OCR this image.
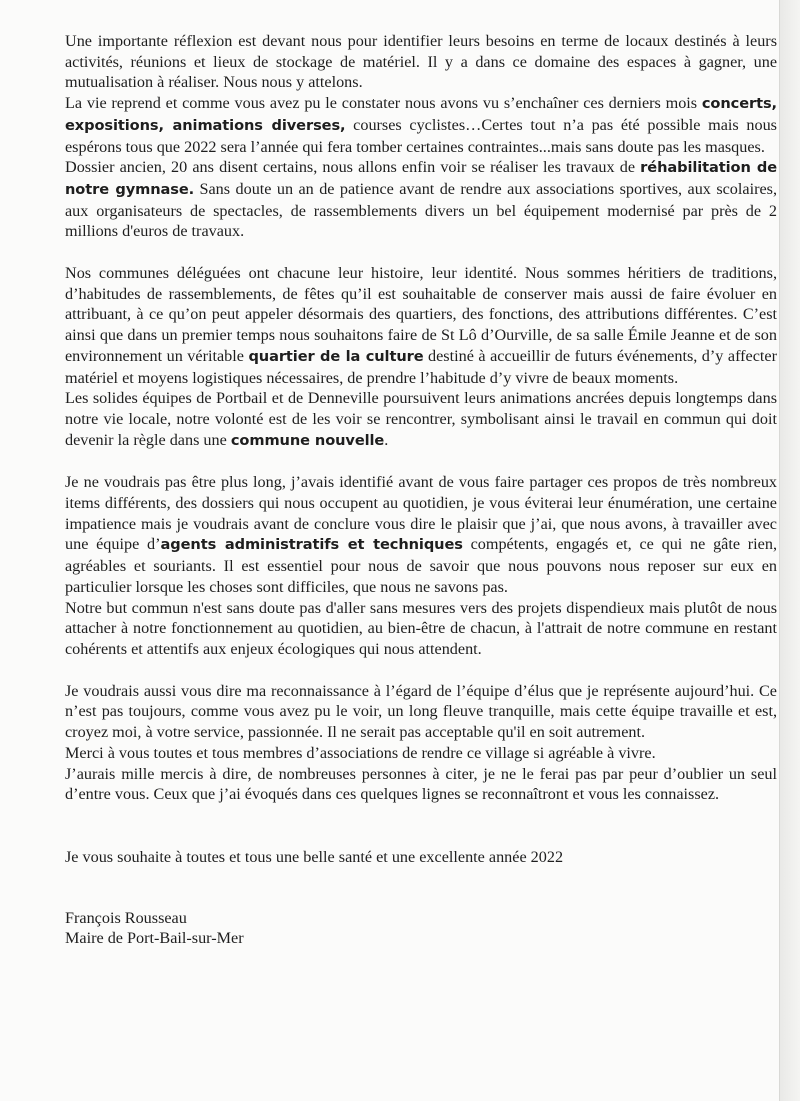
Une importante réflexion est devant nous pour identifier leurs besoins en terme de locaux destinés à leurs activités, réunions et lieux de stockage de matériel. Il y a dans ce domaine des espaces à gagner, une mutualisation à réaliser. Nous nous y attelons.

La vie reprend et comme vous avez pu le constater nous avons vu s’enchaîner ces derniers mois concerts, expositions, animations diverses, courses cyclistes…Certes tout n’a pas été possible mais nous espérons tous que 2022 sera l’année qui fera tomber certaines contraintes...mais sans doute pas les masques.

Dossier ancien, 20 ans disent certains, nous allons enfin voir se réaliser les travaux de réhabilitation de notre gymnase. Sans doute un an de patience avant de rendre aux associations sportives, aux scolaires, aux organisateurs de spectacles, de rassemblements divers un bel équipement modernisé par près de 2 millions d'euros de travaux.

Nos communes déléguées ont chacune leur histoire, leur identité. Nous sommes héritiers de traditions, d’habitudes de rassemblements, de fêtes qu’il est souhaitable de conserver mais aussi de faire évoluer en attribuant, à ce qu’on peut appeler désormais des quartiers, des fonctions, des attributions différentes. C’est ainsi que dans un premier temps nous souhaitons faire de St Lô d’Ourville, de sa salle Émile Jeanne et de son environnement un véritable quartier de la culture destiné à accueillir de futurs événements, d’y affecter matériel et moyens logistiques nécessaires, de prendre l’habitude d’y vivre de beaux moments.

Les solides équipes de Portbail et de Denneville poursuivent leurs animations ancrées depuis longtemps dans notre vie locale, notre volonté est de les voir se rencontrer, symbolisant ainsi le travail en commun qui doit devenir la règle dans une commune nouvelle.

Je ne voudrais pas être plus long, j’avais identifié avant de vous faire partager ces propos de très nombreux items différents, des dossiers qui nous occupent au quotidien, je vous éviterai leur énumération, une certaine impatience mais je voudrais avant de conclure vous dire le plaisir que j’ai, que nous avons, à travailler avec une équipe d’agents administratifs et techniques compétents, engagés et, ce qui ne gâte rien, agréables et souriants. Il est essentiel pour nous de savoir que nous pouvons nous reposer sur eux en particulier lorsque les choses sont difficiles, que nous ne savons pas.

Notre but commun n'est sans doute pas d'aller sans mesures vers des projets dispendieux mais plutôt de nous attacher à notre fonctionnement au quotidien, au bien-être de chacun, à l'attrait de notre commune en restant cohérents et attentifs aux enjeux écologiques qui nous attendent.

Je voudrais aussi vous dire ma reconnaissance à l’égard de l’équipe d’élus que je représente aujourd’hui. Ce n’est pas toujours, comme vous avez pu le voir, un long fleuve tranquille, mais cette équipe travaille et est, croyez moi, à votre service, passionnée. Il ne serait pas acceptable qu'il en soit autrement.

Merci à vous toutes et tous membres d’associations de rendre ce village si agréable à vivre.

J’aurais mille mercis à dire, de nombreuses personnes à citer, je ne le ferai pas par peur d’oublier un seul d’entre vous. Ceux que j’ai évoqués dans ces quelques lignes se reconnaîtront et vous les connaissez.

Je vous souhaite à toutes et tous une belle santé et une excellente année 2022

François Rousseau

Maire de Port-Bail-sur-Mer
